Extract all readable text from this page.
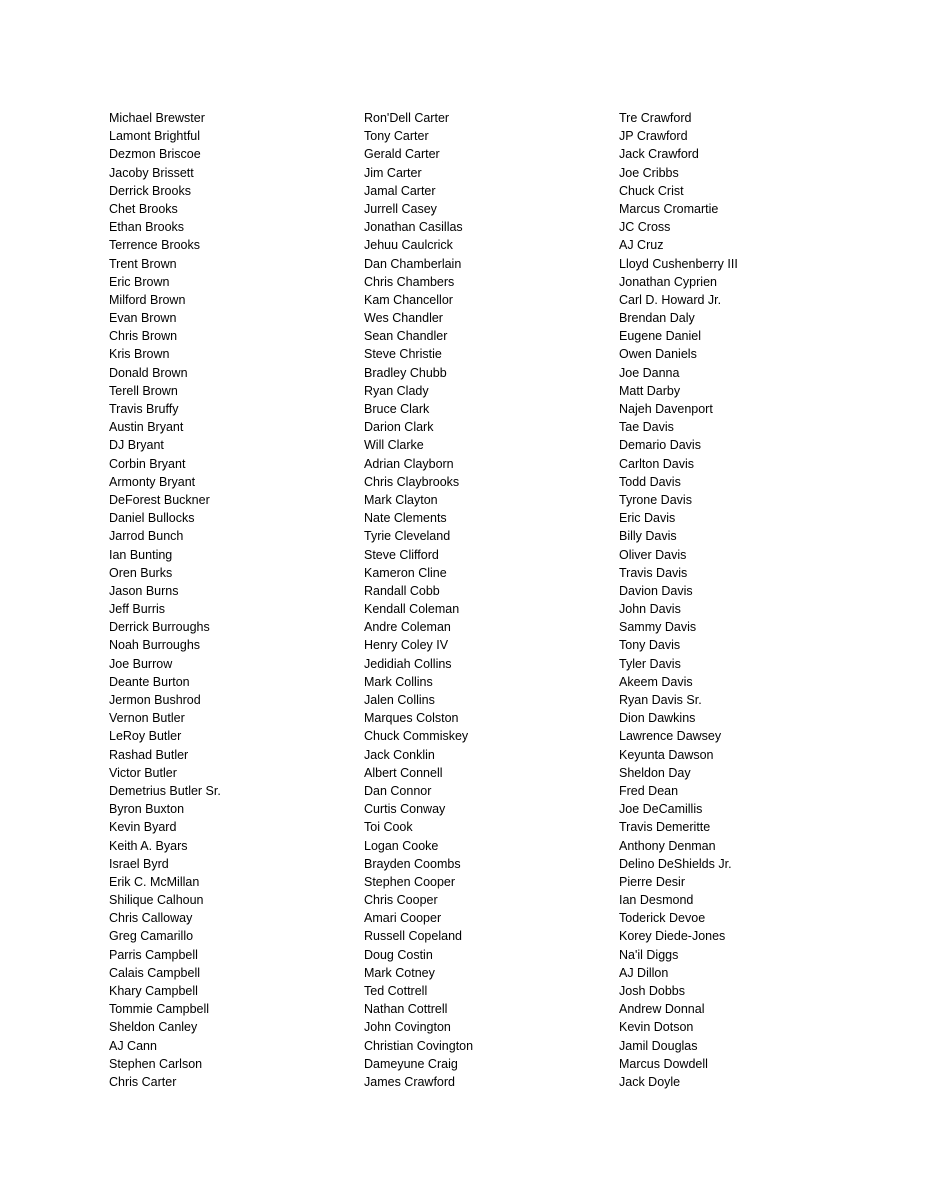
Michael Brewster
Lamont Brightful
Dezmon Briscoe
Jacoby Brissett
Derrick Brooks
Chet Brooks
Ethan Brooks
Terrence Brooks
Trent Brown
Eric Brown
Milford Brown
Evan Brown
Chris Brown
Kris Brown
Donald Brown
Terell Brown
Travis Bruffy
Austin Bryant
DJ Bryant
Corbin Bryant
Armonty Bryant
DeForest Buckner
Daniel Bullocks
Jarrod Bunch
Ian Bunting
Oren Burks
Jason Burns
Jeff Burris
Derrick Burroughs
Noah Burroughs
Joe Burrow
Deante Burton
Jermon Bushrod
Vernon Butler
LeRoy Butler
Rashad Butler
Victor Butler
Demetrius Butler Sr.
Byron Buxton
Kevin Byard
Keith A. Byars
Israel Byrd
Erik C. McMillan
Shilique Calhoun
Chris Calloway
Greg Camarillo
Parris Campbell
Calais Campbell
Khary Campbell
Tommie Campbell
Sheldon Canley
AJ Cann
Stephen Carlson
Chris Carter
Ron'Dell Carter
Tony Carter
Gerald Carter
Jim Carter
Jamal Carter
Jurrell Casey
Jonathan Casillas
Jehuu Caulcrick
Dan Chamberlain
Chris Chambers
Kam Chancellor
Wes Chandler
Sean Chandler
Steve Christie
Bradley Chubb
Ryan Clady
Bruce Clark
Darion Clark
Will Clarke
Adrian Clayborn
Chris Claybrooks
Mark Clayton
Nate Clements
Tyrie Cleveland
Steve Clifford
Kameron Cline
Randall Cobb
Kendall Coleman
Andre Coleman
Henry Coley IV
Jedidiah Collins
Mark Collins
Jalen Collins
Marques Colston
Chuck Commiskey
Jack Conklin
Albert Connell
Dan Connor
Curtis Conway
Toi Cook
Logan Cooke
Brayden Coombs
Stephen Cooper
Chris Cooper
Amari Cooper
Russell Copeland
Doug Costin
Mark Cotney
Ted Cottrell
Nathan Cottrell
John Covington
Christian Covington
Dameyune Craig
James Crawford
Tre Crawford
JP Crawford
Jack Crawford
Joe Cribbs
Chuck Crist
Marcus Cromartie
JC Cross
AJ Cruz
Lloyd Cushenberry III
Jonathan Cyprien
Carl D. Howard Jr.
Brendan Daly
Eugene Daniel
Owen Daniels
Joe Danna
Matt Darby
Najeh Davenport
Tae Davis
Demario Davis
Carlton Davis
Todd Davis
Tyrone Davis
Eric Davis
Billy Davis
Oliver Davis
Travis Davis
Davion Davis
John Davis
Sammy Davis
Tony Davis
Tyler Davis
Akeem Davis
Ryan Davis Sr.
Dion Dawkins
Lawrence Dawsey
Keyunta Dawson
Sheldon Day
Fred Dean
Joe DeCamillis
Travis Demeritte
Anthony Denman
Delino DeShields Jr.
Pierre Desir
Ian Desmond
Toderick Devoe
Korey Diede-Jones
Na'il Diggs
AJ Dillon
Josh Dobbs
Andrew Donnal
Kevin Dotson
Jamil Douglas
Marcus Dowdell
Jack Doyle
